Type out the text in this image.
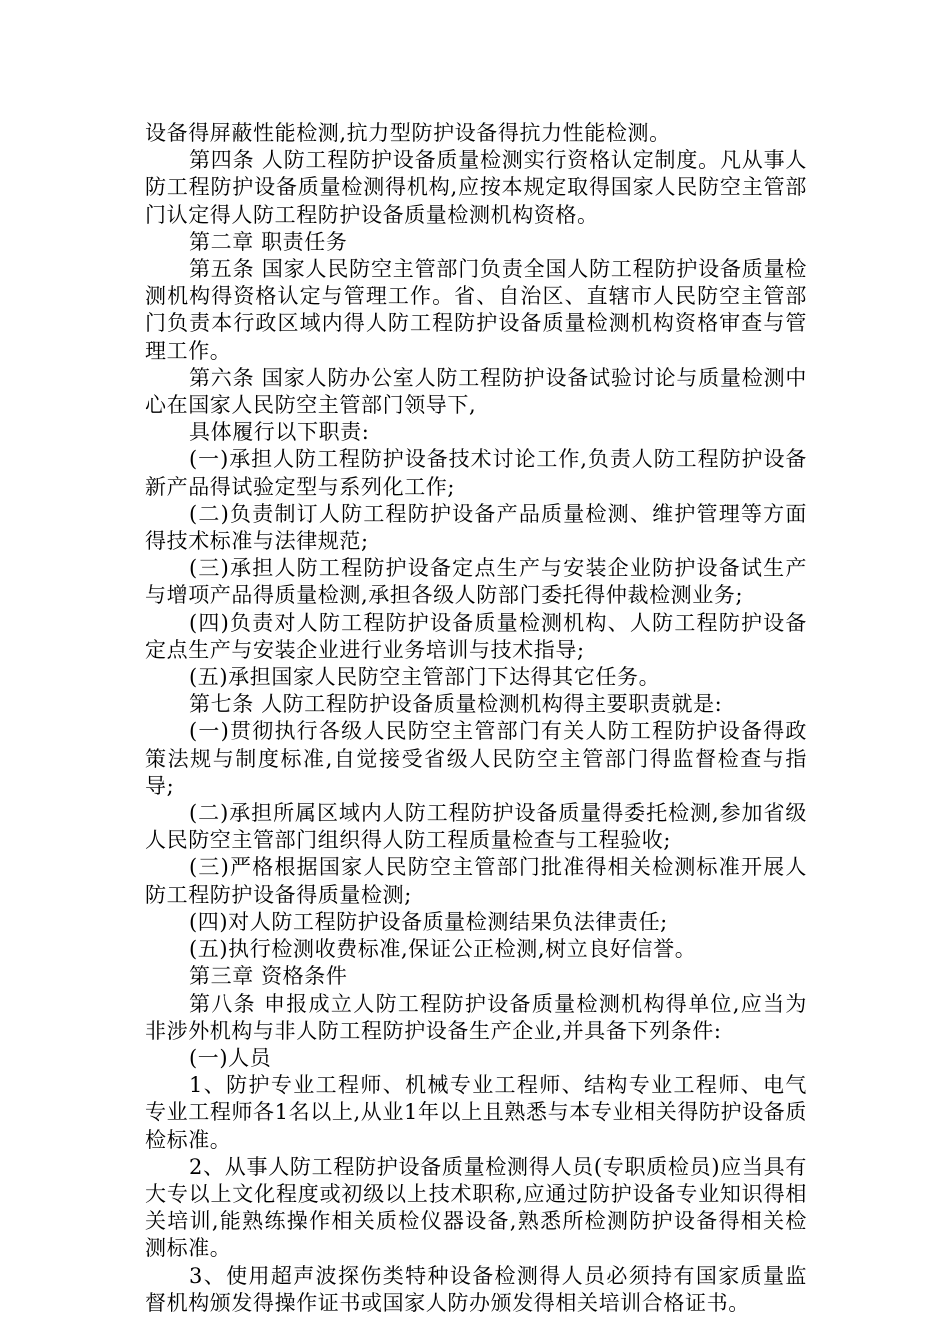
设备得屏蔽性能检测,抗力型防护设备得抗力性能检测。

第四条 人防工程防护设备质量检测实行资格认定制度。凡从事人防工程防护设备质量检测得机构,应按本规定取得国家人民防空主管部门认定得人防工程防护设备质量检测机构资格。

第二章 职责任务

第五条 国家人民防空主管部门负责全国人防工程防护设备质量检测机构得资格认定与管理工作。省、自治区、直辖市人民防空主管部门负责本行政区域内得人防工程防护设备质量检测机构资格审查与管理工作。

第六条 国家人防办公室人防工程防护设备试验讨论与质量检测中心在国家人民防空主管部门领导下,

具体履行以下职责:

(一)承担人防工程防护设备技术讨论工作,负责人防工程防护设备新产品得试验定型与系列化工作;

(二)负责制订人防工程防护设备产品质量检测、维护管理等方面得技术标准与法律规范;

(三)承担人防工程防护设备定点生产与安装企业防护设备试生产与增项产品得质量检测,承担各级人防部门委托得仲裁检测业务;

(四)负责对人防工程防护设备质量检测机构、人防工程防护设备定点生产与安装企业进行业务培训与技术指导;

(五)承担国家人民防空主管部门下达得其它任务。

第七条 人防工程防护设备质量检测机构得主要职责就是:

(一)贯彻执行各级人民防空主管部门有关人防工程防护设备得政策法规与制度标准,自觉接受省级人民防空主管部门得监督检查与指导;

(二)承担所属区域内人防工程防护设备质量得委托检测,参加省级人民防空主管部门组织得人防工程质量检查与工程验收;

(三)严格根据国家人民防空主管部门批准得相关检测标准开展人防工程防护设备得质量检测;

(四)对人防工程防护设备质量检测结果负法律责任;

(五)执行检测收费标准,保证公正检测,树立良好信誉。

第三章 资格条件

第八条 申报成立人防工程防护设备质量检测机构得单位,应当为非涉外机构与非人防工程防护设备生产企业,并具备下列条件:

(一)人员

1、防护专业工程师、机械专业工程师、结构专业工程师、电气专业工程师各1名以上,从业1年以上且熟悉与本专业相关得防护设备质检标准。

2、从事人防工程防护设备质量检测得人员(专职质检员)应当具有大专以上文化程度或初级以上技术职称,应通过防护设备专业知识得相关培训,能熟练操作相关质检仪器设备,熟悉所检测防护设备得相关检测标准。

3、使用超声波探伤类特种设备检测得人员必须持有国家质量监督机构颁发得操作证书或国家人防办颁发得相关培训合格证书。
